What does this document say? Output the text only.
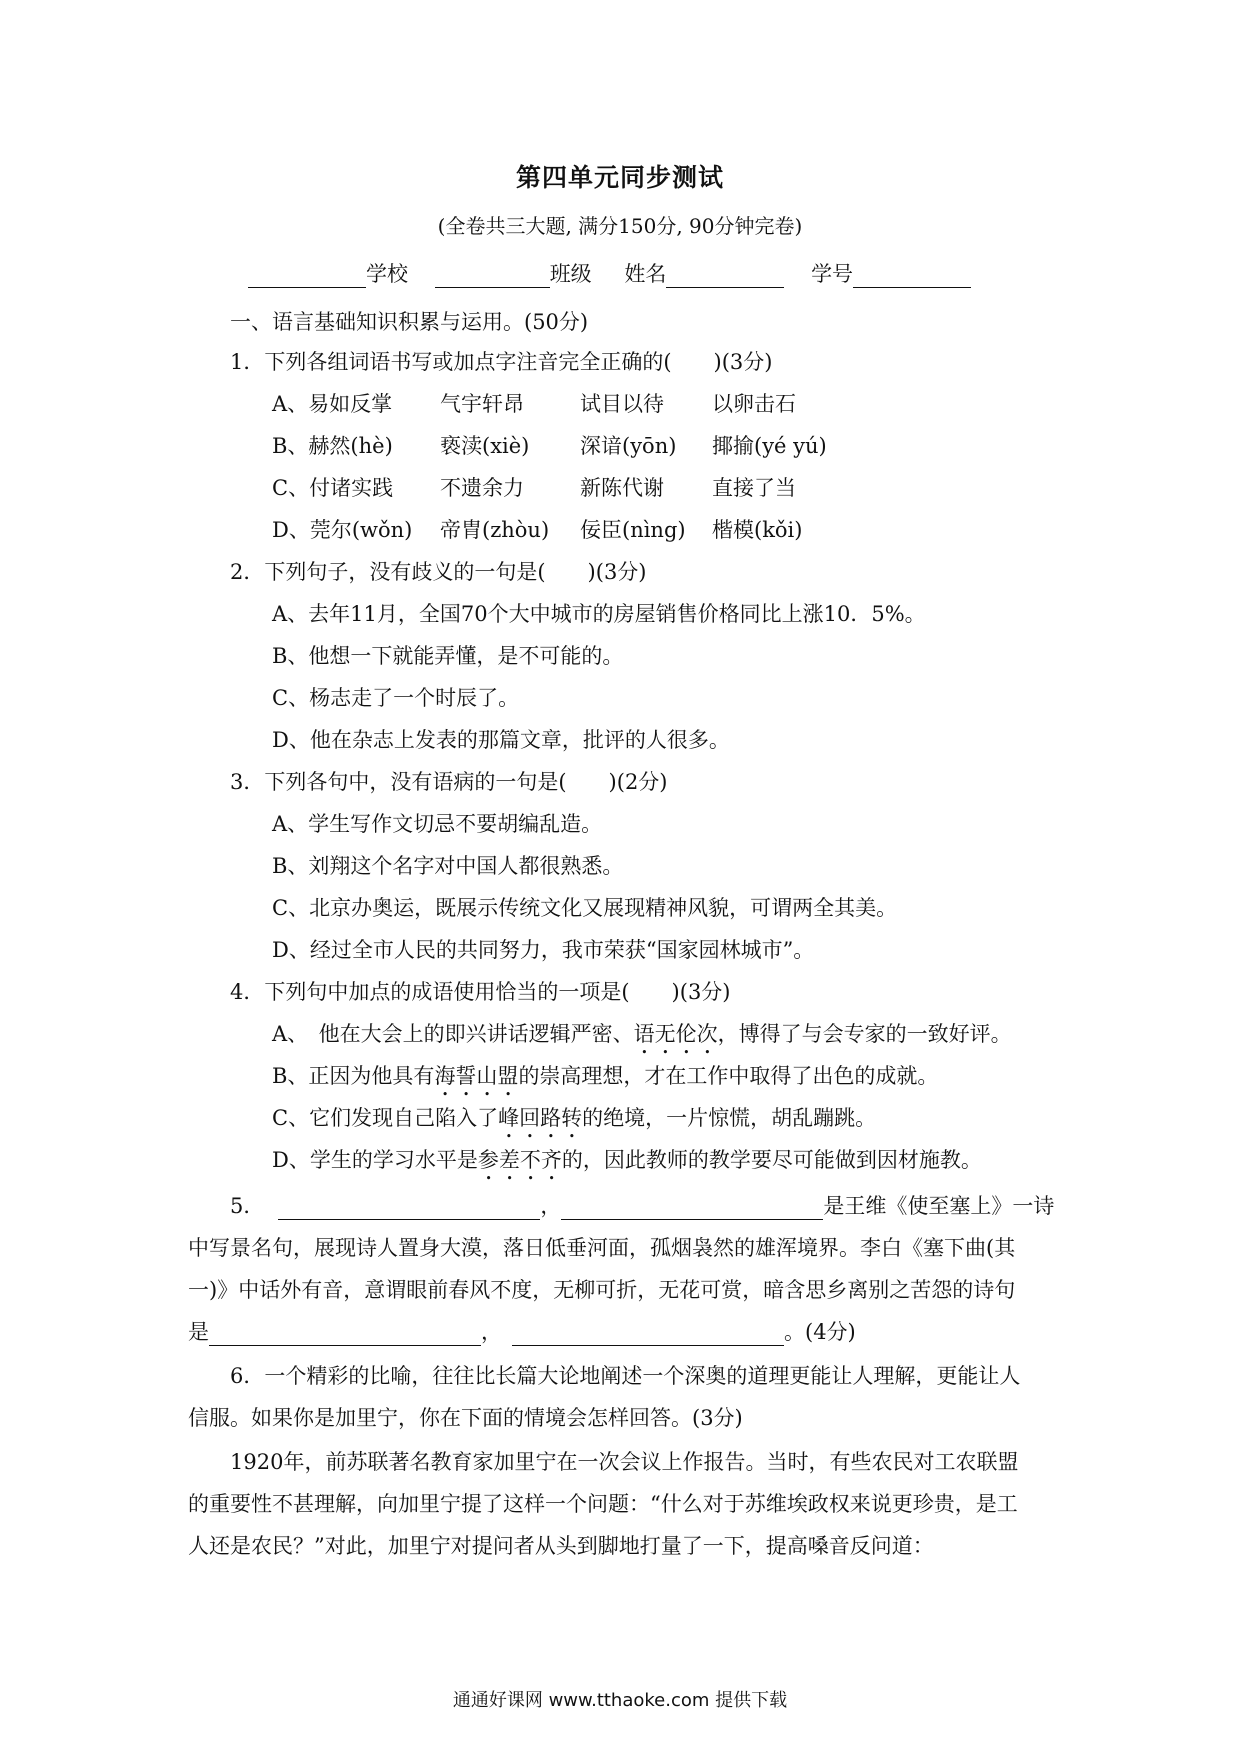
第四单元同步测试
(全卷共三大题, 满分150分, 90分钟完卷)
学校	班级 姓名	学号
一、语言基础知识积累与运用。(50分)
1．下列各组词语书写或加点字注音完全正确的(　　)(3分)
A、易如反掌 气宇轩昂	试目以待 以卵击石
B、赫然(hè) 亵渎(xiè) 深谙(yōn) 揶揄(yé yú)
C、付诸实践 不遗余力	新陈代谢 直接了当
D、莞尔(wǒn) 帝胄(zhòu) 佞臣(nìng) 楷模(kǒi)
2．下列句子，没有歧义的一句是(　　)(3分)
A、去年11月，全国70个大中城市的房屋销售价格同比上涨10．5%。
B、他想一下就能弄懂，是不可能的。
C、杨志走了一个时辰了。
D、他在杂志上发表的那篇文章，批评的人很多。
3．下列各句中，没有语病的一句是(　　)(2分)
A、学生写作文切忌不要胡编乱造。
B、刘翔这个名字对中国人都很熟悉。
C、北京办奥运，既展示传统文化又展现精神风貌，可谓两全其美。
D、经过全市人民的共同努力，我市荣获“国家园林城市”。
4．下列句中加点的成语使用恰当的一项是(　　)(3分)
A、　他在大会上的即兴讲话逻辑严密、语无伦次，博得了与会专家的一致好评。
B、正因为他具有海誓山盟的崇高理想，才在工作中取得了出色的成就。
C、它们发现自己陷入了峰回路转的绝境，一片惊慌，胡乱蹦跳。
D、学生的学习水平是参差不齐的，因此教师的教学要尽可能做到因材施教。
5．	，	是王维《使至塞上》一诗
中写景名句，展现诗人置身大漠，落日低垂河面，孤烟袅然的雄浑境界。李白《塞下曲(其
一)》中话外有音，意谓眼前春风不度，无柳可折，无花可赏，暗含思乡离别之苦怨的诗句
是	，	。(4分)
6．一个精彩的比喻，往往比长篇大论地阐述一个深奥的道理更能让人理解，更能让人
信服。如果你是加里宁，你在下面的情境会怎样回答。(3分)
1920年，前苏联著名教育家加里宁在一次会议上作报告。当时，有些农民对工农联盟
的重要性不甚理解，向加里宁提了这样一个问题：“什么对于苏维埃政权来说更珍贵，是工
人还是农民？”对此，加里宁对提问者从头到脚地打量了一下，提高嗓音反问道：
通通好课网 www.tthaoke.com 提供下载
